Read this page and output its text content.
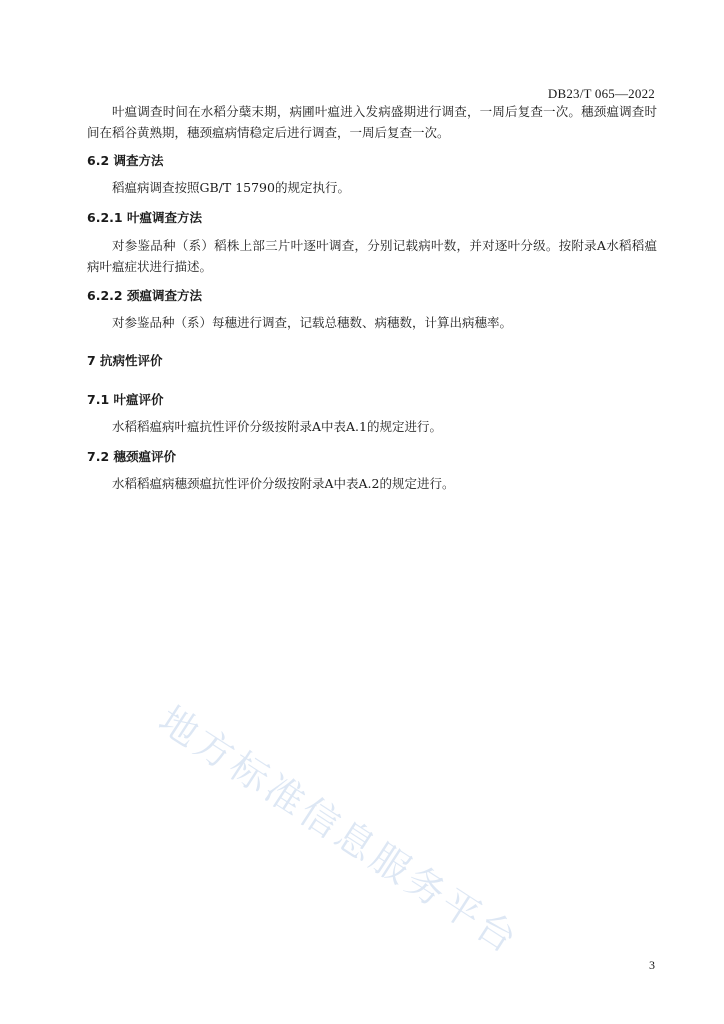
DB23/T 065—2022

叶瘟调查时间在水稻分蘖末期，病圃叶瘟进入发病盛期进行调查，一周后复查一次。穗颈瘟调查时间在稻谷黄熟期，穗颈瘟病情稳定后进行调查，一周后复查一次。

6.2 调查方法

稻瘟病调查按照GB/T 15790的规定执行。

6.2.1 叶瘟调查方法

对参鉴品种（系）稻株上部三片叶逐叶调查，分别记载病叶数，并对逐叶分级。按附录A水稻稻瘟病叶瘟症状进行描述。

6.2.2 颈瘟调查方法

对参鉴品种（系）每穗进行调查，记载总穗数、病穗数，计算出病穗率。

7 抗病性评价
7.1 叶瘟评价

水稻稻瘟病叶瘟抗性评价分级按附录A中表A.1的规定进行。

7.2 穗颈瘟评价

水稻稻瘟病穗颈瘟抗性评价分级按附录A中表A.2的规定进行。

地方标准信息服务平台
3
